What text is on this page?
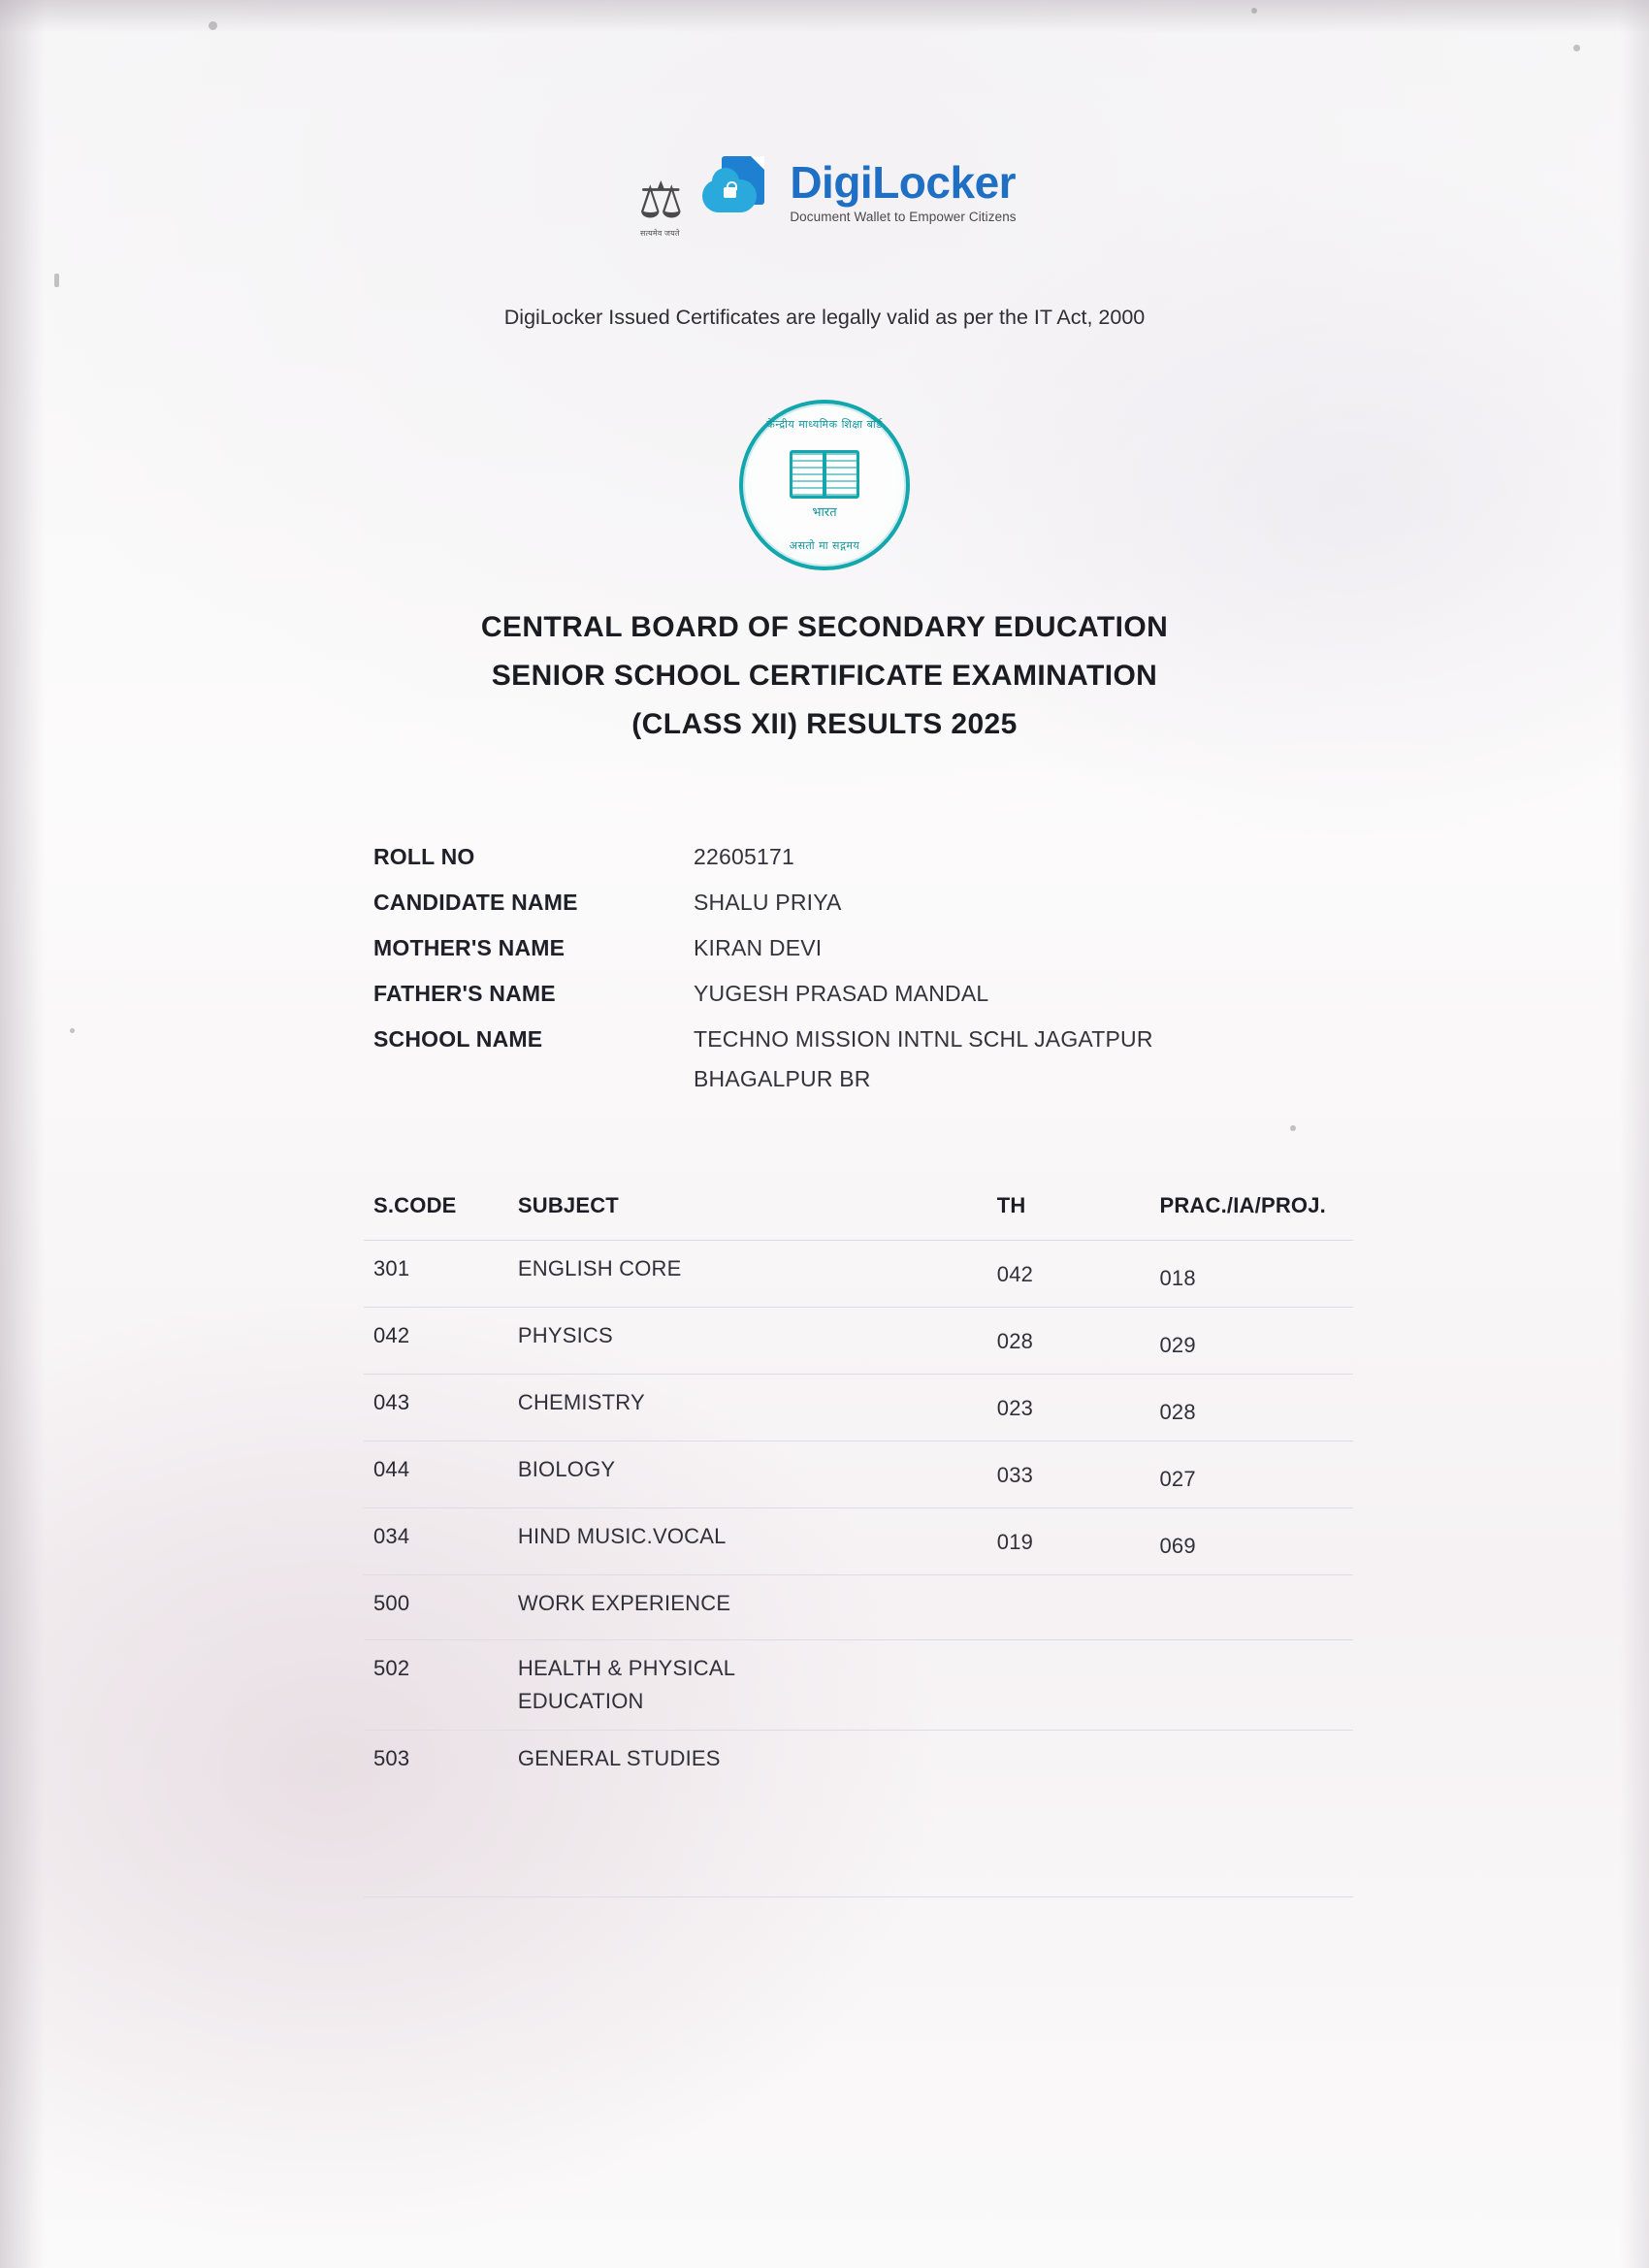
⚖
सत्यमेव जयते
DigiLocker
Document Wallet to Empower Citizens
DigiLocker Issued Certificates are legally valid as per the IT Act, 2000
केन्द्रीय माध्यमिक शिक्षा बोर्ड
भारत
असतो मा सद्गमय
CENTRAL BOARD OF SECONDARY EDUCATION
SENIOR SCHOOL CERTIFICATE EXAMINATION
(CLASS XII) RESULTS 2025
ROLL NO	22605171
CANDIDATE NAME	SHALU PRIYA
MOTHER'S NAME	KIRAN DEVI
FATHER'S NAME	YUGESH PRASAD MANDAL
SCHOOL NAME	TECHNO MISSION INTNL SCHL JAGATPUR
BHAGALPUR BR
S.CODE	SUBJECT	TH	PRAC./IA/PROJ.
301	ENGLISH CORE	042	018
042	PHYSICS	028	029
043	CHEMISTRY	023	028
044	BIOLOGY	033	027
034	HIND MUSIC.VOCAL	019	069
500	WORK EXPERIENCE

502	HEALTH & PHYSICAL
EDUCATION		

503	GENERAL STUDIES
